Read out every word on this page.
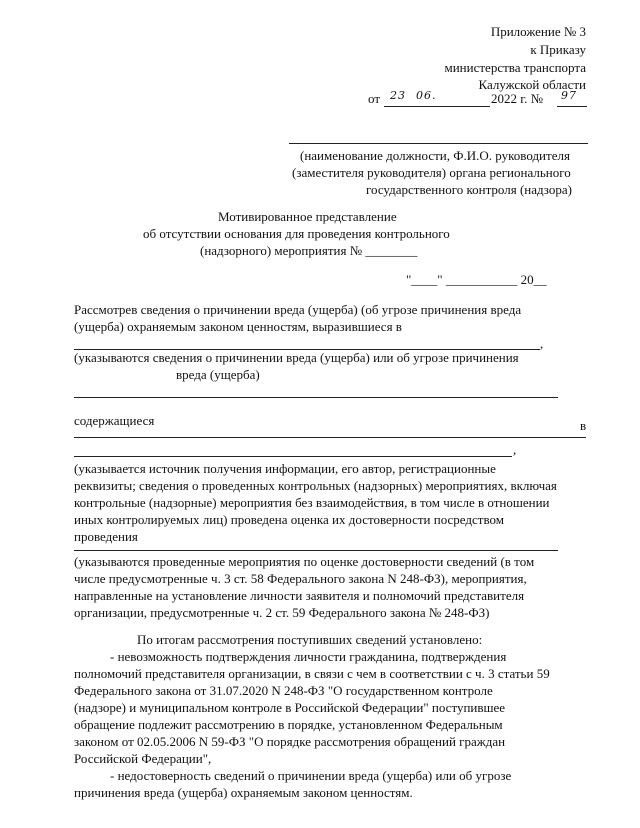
Приложение № 3
к Приказу
министерства транспорта
Калужской области
от 23 06.	2022 г. № 97
(наименование должности, Ф.И.О. руководителя
(заместителя руководителя) органа регионального
государственного контроля (надзора)
Мотивированное представление
об отсутствии основания для проведения контрольного
(надзорного) мероприятия № ________
"____" ___________ 20__
Рассмотрев сведения о причинении вреда (ущерба) (об угрозе причинения вреда
(ущерба) охраняемым законом ценностям, выразившиеся в
,
(указываются сведения о причинении вреда (ущерба) или об угрозе причинения
вреда (ущерба)
содержащиеся	в
,
(указывается источник получения информации, его автор, регистрационные
реквизиты; сведения о проведенных контрольных (надзорных) мероприятиях, включая
контрольные (надзорные) мероприятия без взаимодействия, в том числе в отношении
иных контролируемых лиц) проведена оценка их достоверности посредством
проведения
(указываются проведенные мероприятия по оценке достоверности сведений (в том
числе предусмотренные ч. 3 ст. 58 Федерального закона N 248-ФЗ), мероприятия,
направленные на установление личности заявителя и полномочий представителя
организации, предусмотренные ч. 2 ст. 59 Федерального закона № 248-ФЗ)
По итогам рассмотрения поступивших сведений установлено:
- невозможность подтверждения личности гражданина, подтверждения
полномочий представителя организации, в связи с чем в соответствии с ч. 3 статьи 59
Федерального закона от 31.07.2020 N 248-ФЗ "О государственном контроле
(надзоре) и муниципальном контроле в Российской Федерации" поступившее
обращение подлежит рассмотрению в порядке, установленном Федеральным
законом от 02.05.2006 N 59-ФЗ "О порядке рассмотрения обращений граждан
Российской Федерации",
- недостоверность сведений о причинении вреда (ущерба) или об угрозе
причинения вреда (ущерба) охраняемым законом ценностям.
